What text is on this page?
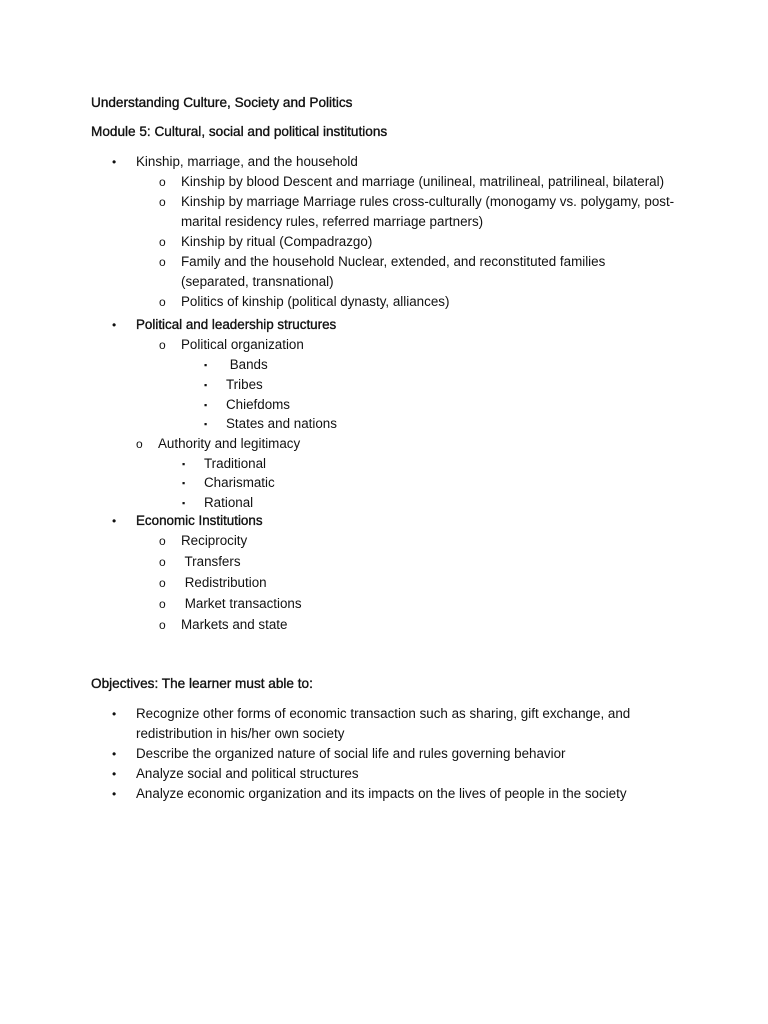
Understanding Culture, Society and Politics
Module 5: Cultural, social and political institutions
•	Kinship, marriage, and the household
o	Kinship by blood Descent and marriage (unilineal, matrilineal, patrilineal, bilateral)
o	Kinship by marriage Marriage rules cross-culturally (monogamy vs. polygamy, post-marital residency rules, referred marriage partners)
o	Kinship by ritual (Compadrazgo)
o	Family and the household Nuclear, extended, and reconstituted families (separated, transnational)
o	Politics of kinship (political dynasty, alliances)
•	Political and leadership structures
o	Political organization
▪	Bands
▪	Tribes
▪	Chiefdoms
▪	States and nations
o	Authority and legitimacy
▪	Traditional
▪	Charismatic
▪	Rational
•	Economic Institutions
o	Reciprocity
o	Transfers
o	Redistribution
o	Market transactions
o	Markets and state
Objectives: The learner must able to:
•	Recognize other forms of economic transaction such as sharing, gift exchange, and redistribution in his/her own society
•	Describe the organized nature of social life and rules governing behavior
•	Analyze social and political structures
•	Analyze economic organization and its impacts on the lives of people in the society
